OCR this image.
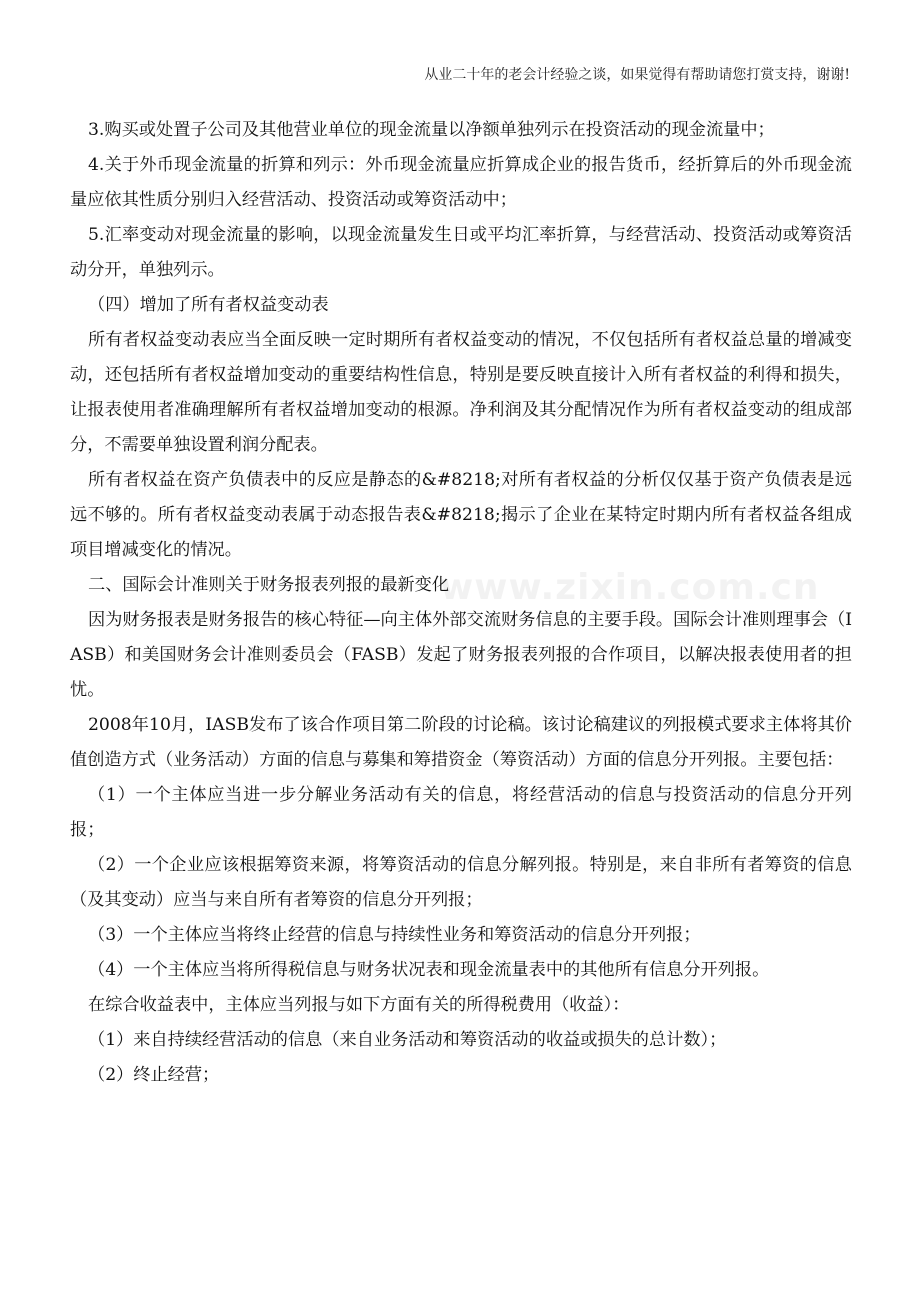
从业二十年的老会计经验之谈，如果觉得有帮助请您打赏支持，谢谢!
www.zixin.com.cn

3.购买或处置子公司及其他营业单位的现金流量以净额单独列示在投资活动的现金流量中；

4.关于外币现金流量的折算和列示：外币现金流量应折算成企业的报告货币，经折算后的外币现金流量应依其性质分别归入经营活动、投资活动或筹资活动中；

5.汇率变动对现金流量的影响，以现金流量发生日或平均汇率折算，与经营活动、投资活动或筹资活动分开，单独列示。

（四）增加了所有者权益变动表

所有者权益变动表应当全面反映一定时期所有者权益变动的情况，不仅包括所有者权益总量的增减变动，还包括所有者权益增加变动的重要结构性信息，特别是要反映直接计入所有者权益的利得和损失，让报表使用者准确理解所有者权益增加变动的根源。净利润及其分配情况作为所有者权益变动的组成部分，不需要单独设置利润分配表。

所有者权益在资产负债表中的反应是静态的&#8218;对所有者权益的分析仅仅基于资产负债表是远远不够的。所有者权益变动表属于动态报告表&#8218;揭示了企业在某特定时期内所有者权益各组成项目增减变化的情况。

二、国际会计准则关于财务报表列报的最新变化

因为财务报表是财务报告的核心特征—向主体外部交流财务信息的主要手段。国际会计准则理事会（IASB）和美国财务会计准则委员会（FASB）发起了财务报表列报的合作项目，以解决报表使用者的担忧。

2008年10月，IASB发布了该合作项目第二阶段的讨论稿。该讨论稿建议的列报模式要求主体将其价值创造方式（业务活动）方面的信息与募集和筹措资金（筹资活动）方面的信息分开列报。主要包括：

（1）一个主体应当进一步分解业务活动有关的信息，将经营活动的信息与投资活动的信息分开列报；

（2）一个企业应该根据筹资来源，将筹资活动的信息分解列报。特别是，来自非所有者筹资的信息（及其变动）应当与来自所有者筹资的信息分开列报；

（3）一个主体应当将终止经营的信息与持续性业务和筹资活动的信息分开列报；

（4）一个主体应当将所得税信息与财务状况表和现金流量表中的其他所有信息分开列报。

在综合收益表中，主体应当列报与如下方面有关的所得税费用（收益）：

（1）来自持续经营活动的信息（来自业务活动和筹资活动的收益或损失的总计数）；

（2）终止经营；
